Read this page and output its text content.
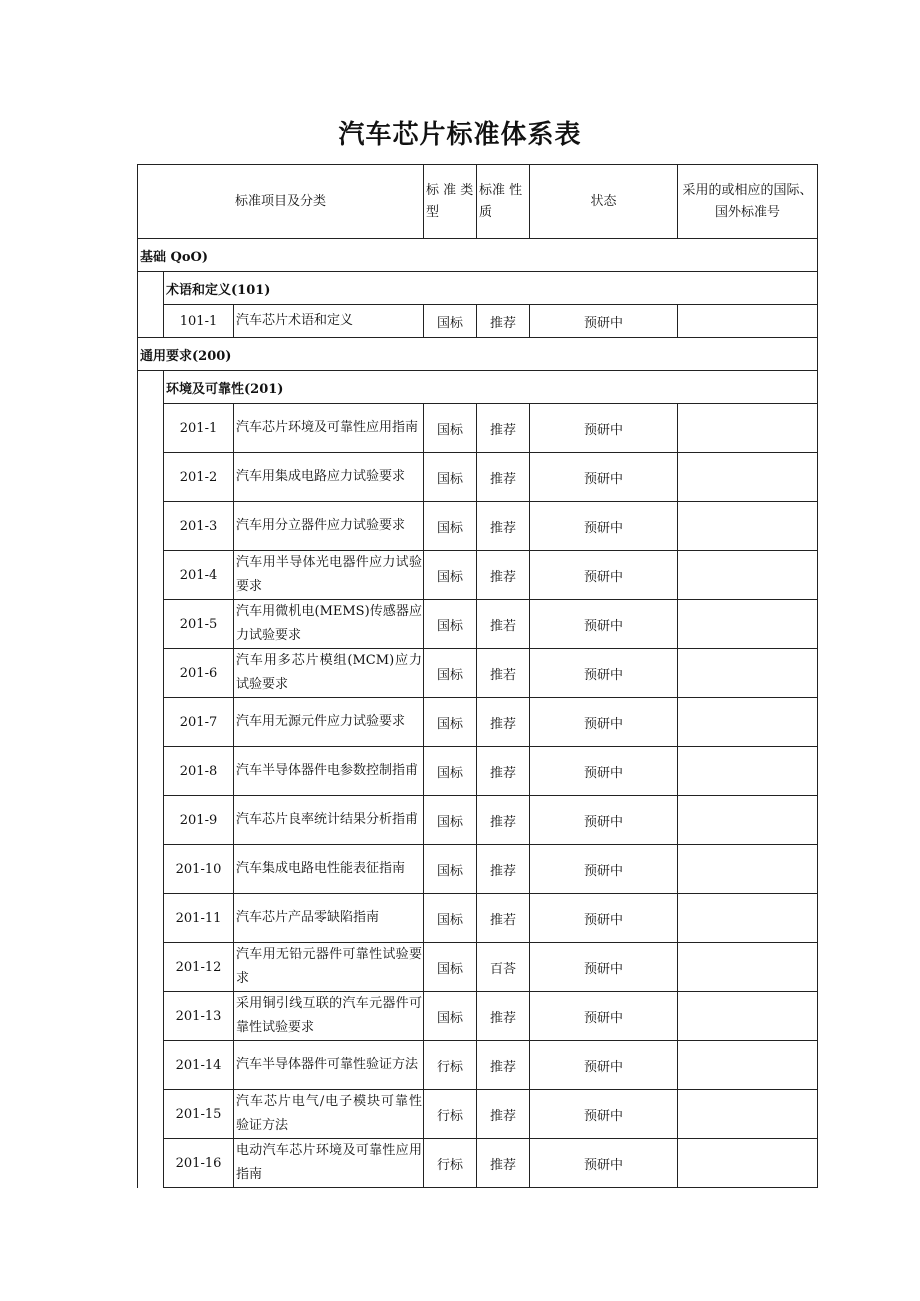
汽车芯片标准体系表
标准项目及分类			标 准 类型	标准 性质	状态	采用的或相应的国际、国外标准号
基础 QoO)						
	术语和定义(101)					
	101-1	汽车芯片术语和定义	国标	推荐	预研中	
通用要求(200)						
	环境及可靠性(201)					
	201-1	汽车芯片环境及可靠性应用指南	国标	推荐	预研中	
	201-2	汽车用集成电路应力试验要求	国标	推荐	预研中	
	201-3	汽车用分立器件应力试验要求	国标	推荐	预研中	
	201-4	汽车用半导体光电器件应力试验要求	国标	推荐	预研中	
	201-5	汽车用微机电(MEMS)传感器应力试验要求	国标	推若	预研中	
	201-6	汽车用多芯片模组(MCM)应力 试验要求	国标	推若	预研中	
	201-7	汽车用无源元件应力试验要求	国标	推荐	预研中	
	201-8	汽车半导体器件电参数控制指甫	国标	推荐	预研中	
	201-9	汽车芯片良率统计结果分析指甫	国标	推荐	预研中	
	201-10	汽车集成电路电性能表征指南	国标	推荐	预研中	
	201-11	汽车芯片产品零缺陷指南	国标	推若	预研中	
	201-12	汽车用无铅元器件可靠性试验要求	国标	百荅	预研中	
	201-13	采用铜引线互联的汽车元器件可靠性试验要求	国标	推荐	预研中	
	201-14	汽车半导体器件可靠性验证方法	行标	推荐	预研中	
	201-15	汽车芯片电气/电子模块可靠性验证方法	行标	推荐	预研中	
	201-16	电动汽车芯片环境及可靠性应用指南	行标	推荐	预研中	
